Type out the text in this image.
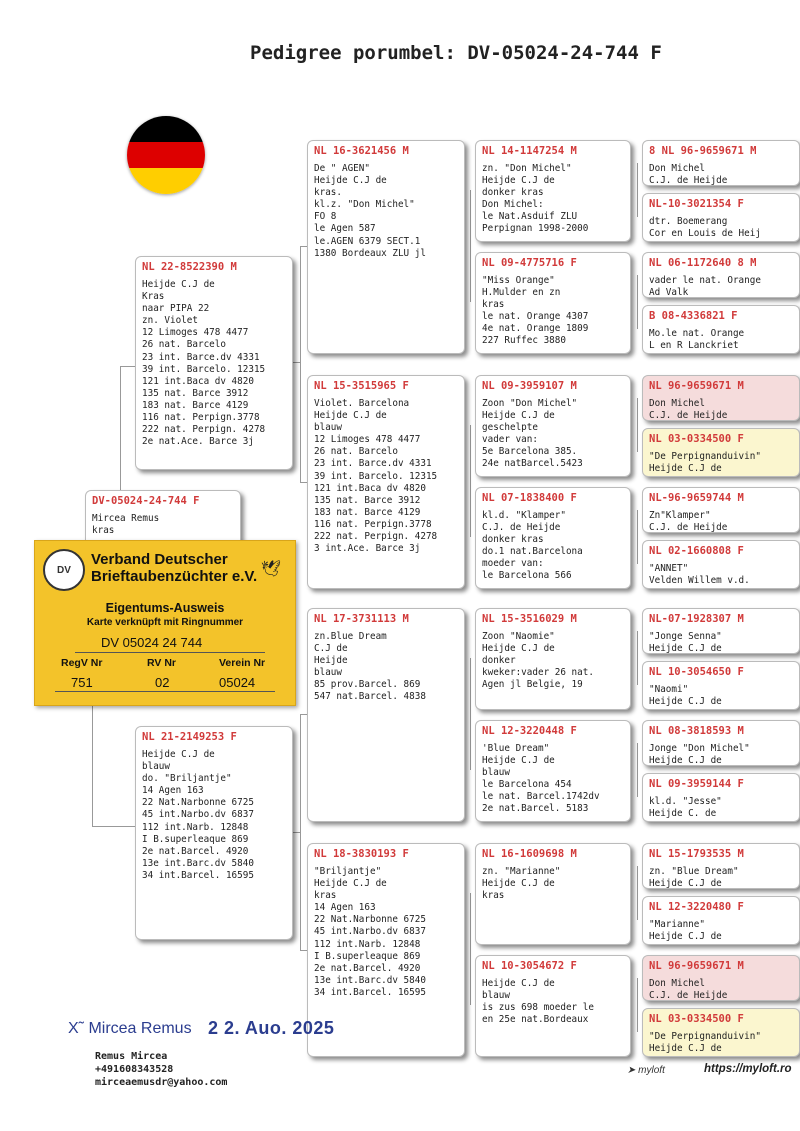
Pedigree porumbel: DV-05024-24-744 F
DV-05024-24-744 F
Mircea Remus
kras
NL 22-8522390 M
Heijde C.J de
Kras
naar PIPA 22
zn. Violet
12 Limoges 478 4477
26 nat. Barcelo
23 int. Barce.dv 4331
39 int. Barcelo. 12315
121 int.Baca dv 4820
135 nat. Barce 3912
183 nat. Barce 4129
116 nat. Perpign.3778
222 nat. Perpign. 4278
2e nat.Ace. Barce 3j
NL 21-2149253 F
Heijde C.J de
blauw
do. "Briljantje"
14 Agen 163
22 Nat.Narbonne 6725
45 int.Narbo.dv 6837
112 int.Narb. 12848
I B.superleaque 869
2e nat.Barcel. 4920
13e int.Barc.dv 5840
34 int.Barcel. 16595
NL 16-3621456 M
De " AGEN"
Heijde C.J de
kras.
kl.z. "Don Michel"
FO 8
le Agen 587
le.AGEN 6379 SECT.1
1380 Bordeaux ZLU jl
NL 15-3515965 F
Violet. Barcelona
Heijde C.J de
blauw
12 Limoges 478 4477
26 nat. Barcelo
23 int. Barce.dv 4331
39 int. Barcelo. 12315
121 int.Baca dv 4820
135 nat. Barce 3912
183 nat. Barce 4129
116 nat. Perpign.3778
222 nat. Perpign. 4278
3 int.Ace. Barce 3j
NL 17-3731113 M
zn.Blue Dream
C.J de
Heijde
blauw
85 prov.Barcel. 869
547 nat.Barcel. 4838
NL 18-3830193 F
"Briljantje"
Heijde C.J de
kras
14 Agen 163
22 Nat.Narbonne 6725
45 int.Narbo.dv 6837
112 int.Narb. 12848
I B.superleaque 869
2e nat.Barcel. 4920
13e int.Barc.dv 5840
34 int.Barcel. 16595
NL 14-1147254 M
zn. "Don Michel"
Heijde C.J de
donker kras
Don Michel:
le Nat.Asduif ZLU
Perpignan 1998-2000
NL 09-4775716 F
"Miss Orange"
H.Mulder en zn
kras
le nat. Orange 4307
4e nat. Orange 1809
227 Ruffec 3880
NL 09-3959107 M
Zoon "Don Michel"
Heijde C.J de
geschelpte
vader van:
5e Barcelona 385.
24e natBarcel.5423
NL 07-1838400 F
kl.d. "Klamper"
C.J. de Heijde
donker kras
do.1 nat.Barcelona
moeder van:
le Barcelona 566
NL 15-3516029 M
Zoon "Naomie"
Heijde C.J de
donker
kweker:vader 26 nat.
Agen jl Belgie, 19
NL 12-3220448 F
'Blue Dream"
Heijde C.J de
blauw
le Barcelona 454
le nat. Barcel.1742dv
2e nat.Barcel. 5183
NL 16-1609698 M
zn. "Marianne"
Heijde C.J de
kras
NL 10-3054672 F
Heijde C.J de
blauw
is zus 698 moeder le
en 25e nat.Bordeaux
8 NL 96-9659671 M
Don Michel
C.J. de Heijde
NL-10-3021354 F
dtr. Boemerang
Cor en Louis de Heij
NL 06-1172640 8 M
vader le nat. Orange
Ad Valk
B 08-4336821 F
Mo.le nat. Orange
L en R Lanckriet
NL 96-9659671 M
Don Michel
C.J. de Heijde
NL 03-0334500 F
"De Perpignanduivin"
Heijde C.J de
NL-96-9659744 M
Zn"Klamper"
C.J. de Heijde
NL 02-1660808 F
"ANNET"
Velden Willem v.d.
NL-07-1928307 M
"Jonge Senna"
Heijde C.J de
NL 10-3054650 F
"Naomi"
Heijde C.J de
NL 08-3818593 M
Jonge "Don Michel"
Heijde C.J de
NL 09-3959144 F
kl.d. "Jesse"
Heijde C. de
NL 15-1793535 M
zn. "Blue Dream"
Heijde C.J de
NL 12-3220480 F
"Marianne"
Heijde C.J de
NL 96-9659671 M
Don Michel
C.J. de Heijde
NL 03-0334500 F
"De Perpignanduivin"
Heijde C.J de
DV
Verband Deutscher
Brieftaubenzüchter e.V. 🕊
Eigentums-Ausweis
Karte verknüpft mit Ringnummer
DV 05024 24 744
RegV Nr	RV Nr	Verein Nr
751	02	05024
X˜ Mircea Remus 2 2. Auo. 2025
Remus Mircea
+491608343528
mirceaemusdr@yahoo.com
➤ myloft	https://myloft.ro
